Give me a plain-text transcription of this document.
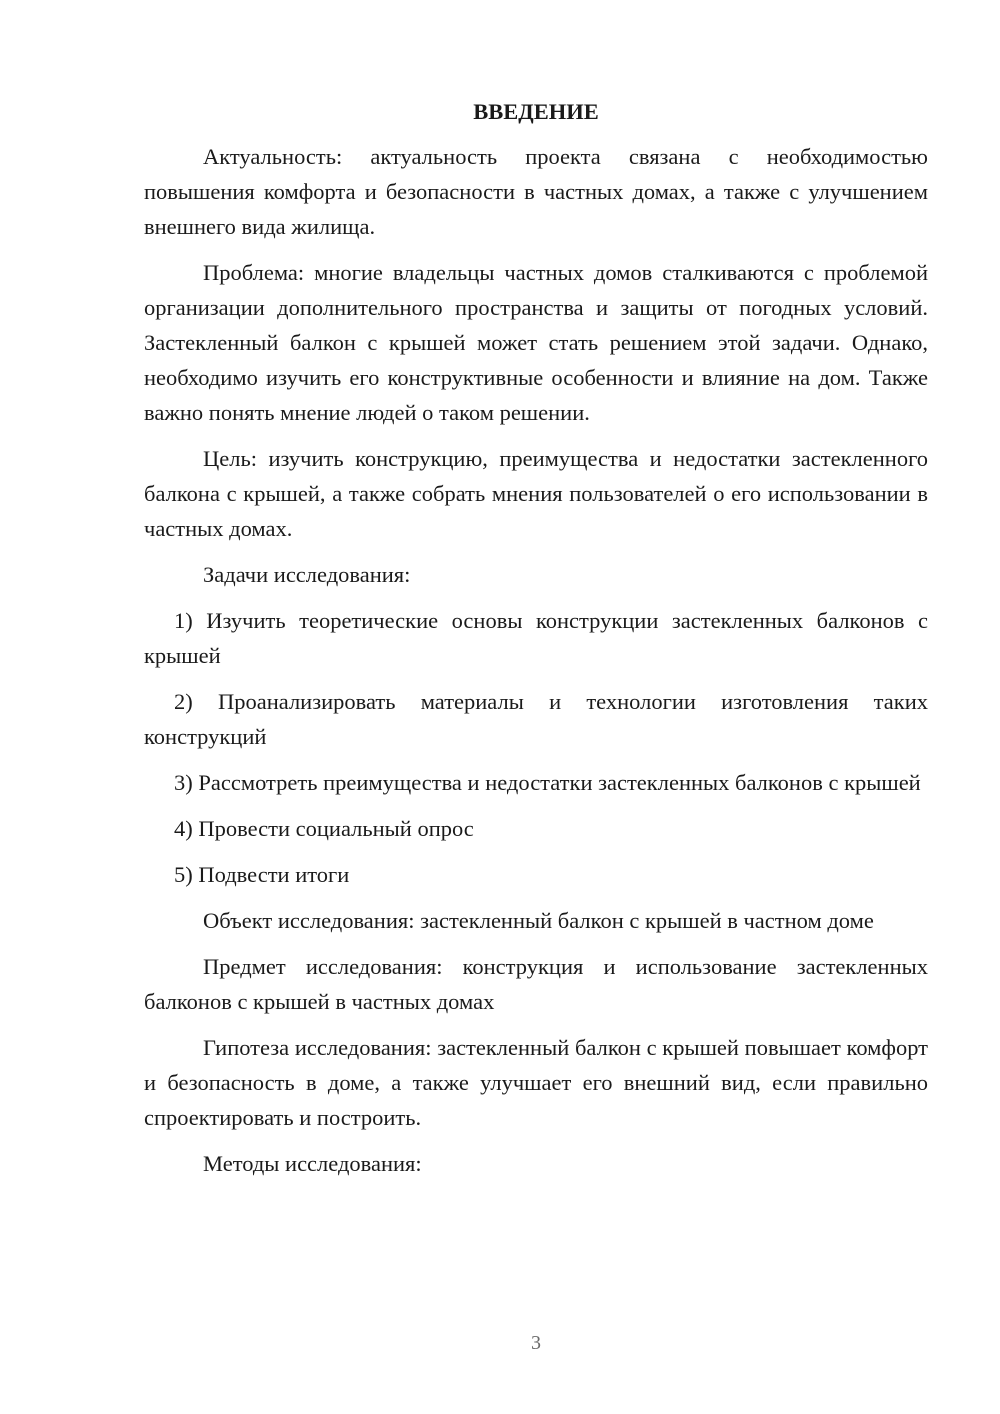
ВВЕДЕНИЕ

Актуальность: актуальность проекта связана с необходимостью повышения комфорта и безопасности в частных домах, а также с улучшением внешнего вида жилища.

Проблема: многие владельцы частных домов сталкиваются с проблемой организации дополнительного пространства и защиты от погодных условий. Застекленный балкон с крышей может стать решением этой задачи. Однако, необходимо изучить его конструктивные особенности и влияние на дом. Также важно понять мнение людей о таком решении.

Цель: изучить конструкцию, преимущества и недостатки застекленного балкона с крышей, а также собрать мнения пользователей о его использовании в частных домах.

Задачи исследования:

1) Изучить теоретические основы конструкции застекленных балконов с крышей

2) Проанализировать материалы и технологии изготовления таких конструкций

3) Рассмотреть преимущества и недостатки застекленных балконов с крышей

4) Провести социальный опрос

5) Подвести итоги

Объект исследования: застекленный балкон с крышей в частном доме

Предмет исследования: конструкция и использование застекленных балконов с крышей в частных домах

Гипотеза исследования: застекленный балкон с крышей повышает комфорт и безопасность в доме, а также улучшает его внешний вид, если правильно спроектировать и построить.

Методы исследования:

3
